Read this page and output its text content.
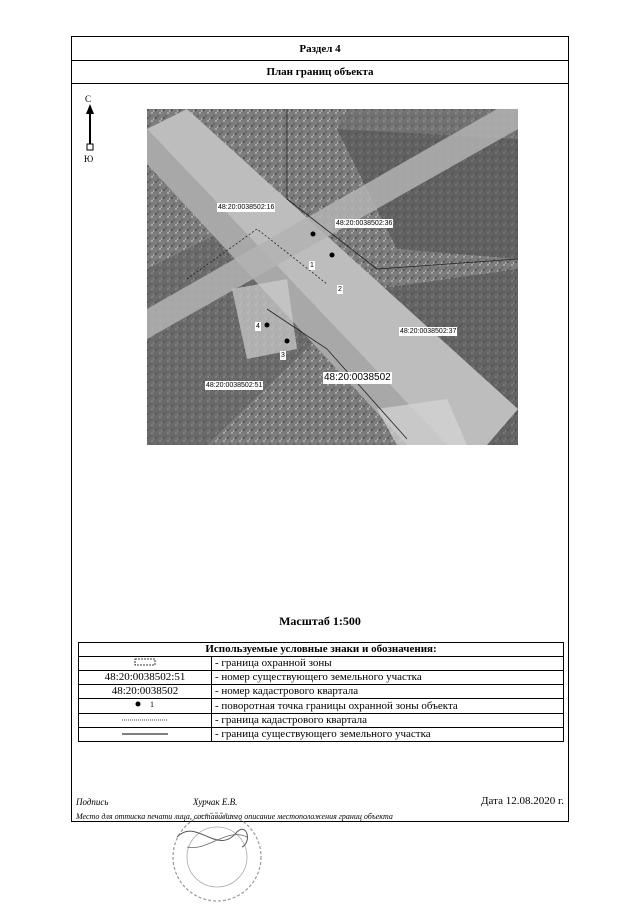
Раздел 4
План границ объекта
С
Ю
48:20:0038502:16
48:20:0038502:36
48:20:0038502:37
48:20:0038502:51
48:20:0038502
1
2
3
4
Масштаб 1:500
Используемые условные знаки и обозначения:	
	- граница охранной зоны
48:20:0038502:51	- номер существующего земельного участка
48:20:0038502	- номер кадастрового квартала

1	- поворотная точка границы охранной зоны объекта
	- граница кадастрового квартала
	- граница существующего земельного участка
Подпись	Хурчак Е.В.	Дата 12.08.2020 г.
Место для оттиска печати лица, составившего описание местоположения границ объекта
